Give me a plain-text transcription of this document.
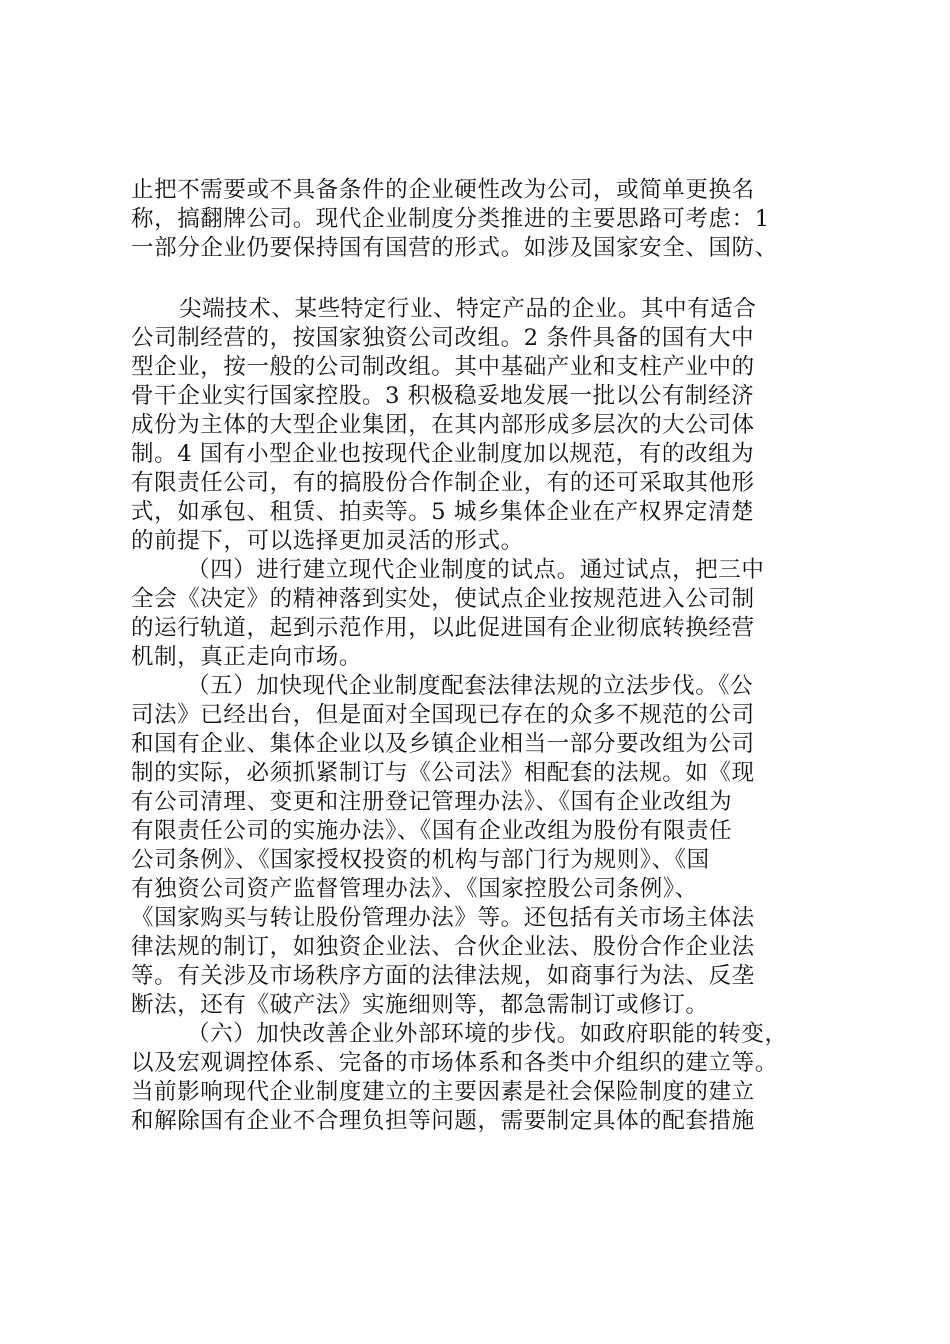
止把不需要或不具备条件的企业硬性改为公司，或简单更换名
称，搞翻牌公司。现代企业制度分类推进的主要思路可考虑：1
一部分企业仍要保持国有国营的形式。如涉及国家安全、国防、
尖端技术、某些特定行业、特定产品的企业。其中有适合
公司制经营的，按国家独资公司改组。2 条件具备的国有大中
型企业，按一般的公司制改组。其中基础产业和支柱产业中的
骨干企业实行国家控股。3 积极稳妥地发展一批以公有制经济
成份为主体的大型企业集团，在其内部形成多层次的大公司体
制。4 国有小型企业也按现代企业制度加以规范，有的改组为
有限责任公司，有的搞股份合作制企业，有的还可采取其他形
式，如承包、租赁、拍卖等。5 城乡集体企业在产权界定清楚
的前提下，可以选择更加灵活的形式。
（四）进行建立现代企业制度的试点。通过试点，把三中
全会《决定》的精神落到实处，使试点企业按规范进入公司制
的运行轨道，起到示范作用，以此促进国有企业彻底转换经营
机制，真正走向市场。
（五）加快现代企业制度配套法律法规的立法步伐。《公
司法》已经出台，但是面对全国现已存在的众多不规范的公司
和国有企业、集体企业以及乡镇企业相当一部分要改组为公司
制的实际，必须抓紧制订与《公司法》相配套的法规。如《现
有公司清理、变更和注册登记管理办法》、《国有企业改组为
有限责任公司的实施办法》、《国有企业改组为股份有限责任
公司条例》、《国家授权投资的机构与部门行为规则》、《国
有独资公司资产监督管理办法》、《国家控股公司条例》、
《国家购买与转让股份管理办法》等。还包括有关市场主体法
律法规的制订，如独资企业法、合伙企业法、股份合作企业法
等。有关涉及市场秩序方面的法律法规，如商事行为法、反垄
断法，还有《破产法》实施细则等，都急需制订或修订。
（六）加快改善企业外部环境的步伐。如政府职能的转变，
以及宏观调控体系、完备的市场体系和各类中介组织的建立等。
当前影响现代企业制度建立的主要因素是社会保险制度的建立
和解除国有企业不合理负担等问题，需要制定具体的配套措施
